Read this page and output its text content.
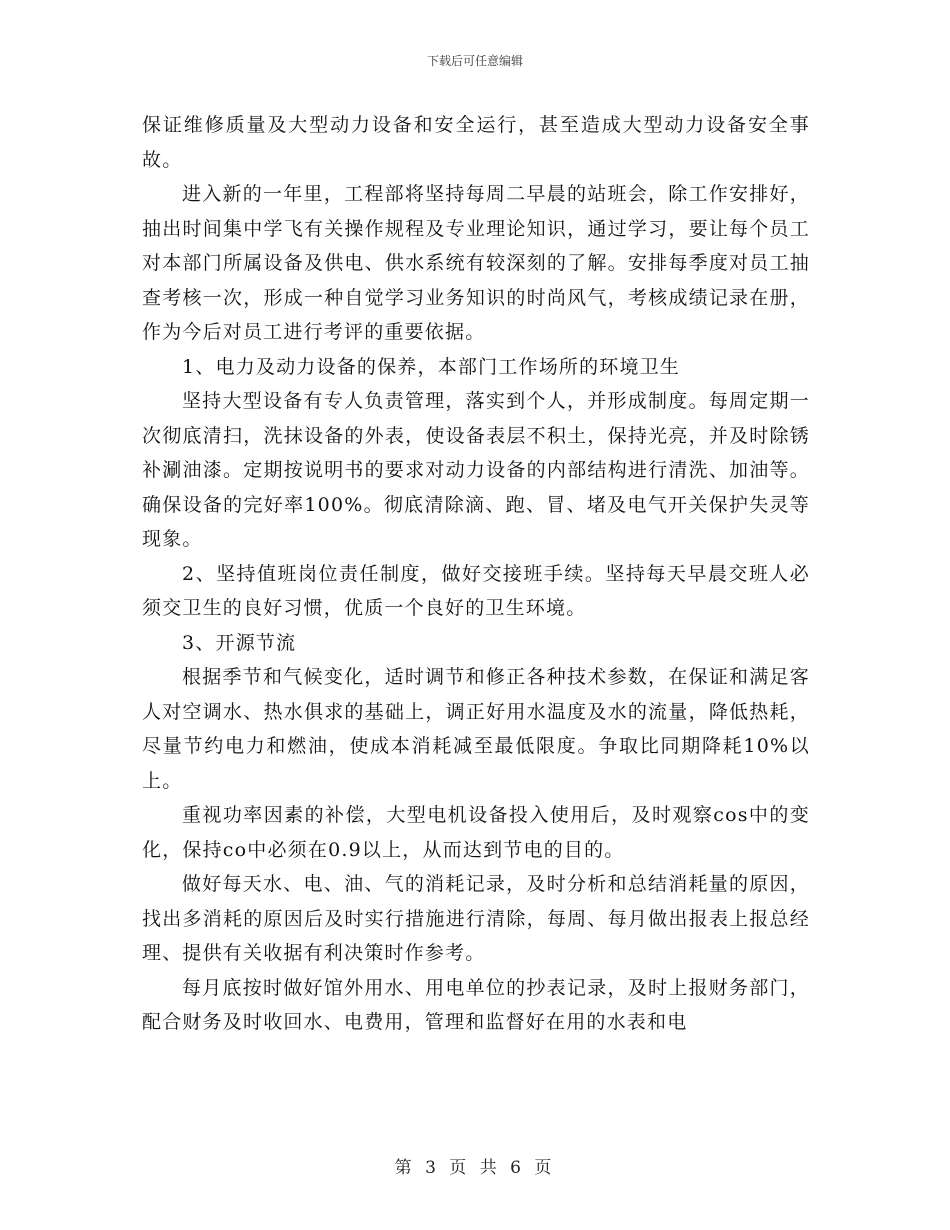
下载后可任意编辑

保证维修质量及大型动力设备和安全运行，甚至造成大型动力设备安全事故。

进入新的一年里，工程部将坚持每周二早晨的站班会，除工作安排好，抽出时间集中学飞有关操作规程及专业理论知识，通过学习，要让每个员工对本部门所属设备及供电、供水系统有较深刻的了解。安排每季度对员工抽查考核一次，形成一种自觉学习业务知识的时尚风气，考核成绩记录在册，作为今后对员工进行考评的重要依据。

1、电力及动力设备的保养，本部门工作场所的环境卫生

坚持大型设备有专人负责管理，落实到个人，并形成制度。每周定期一次彻底清扫，洗抹设备的外表，使设备表层不积土，保持光亮，并及时除锈补涮油漆。定期按说明书的要求对动力设备的内部结构进行清洗、加油等。确保设备的完好率100%。彻底清除滴、跑、冒、堵及电气开关保护失灵等现象。

2、坚持值班岗位责任制度，做好交接班手续。坚持每天早晨交班人必须交卫生的良好习惯，优质一个良好的卫生环境。

3、开源节流

根据季节和气候变化，适时调节和修正各种技术参数，在保证和满足客人对空调水、热水俱求的基础上，调正好用水温度及水的流量，降低热耗，尽量节约电力和燃油，使成本消耗减至最低限度。争取比同期降耗10%以上。

重视功率因素的补偿，大型电机设备投入使用后，及时观察cos中的变化，保持co中必须在0.9以上，从而达到节电的目的。

做好每天水、电、油、气的消耗记录，及时分析和总结消耗量的原因，找出多消耗的原因后及时实行措施进行清除，每周、每月做出报表上报总经理、提供有关收据有利决策时作参考。

每月底按时做好馆外用水、用电单位的抄表记录，及时上报财务部门，配合财务及时收回水、电费用，管理和监督好在用的水表和电

第 3 页 共 6 页
